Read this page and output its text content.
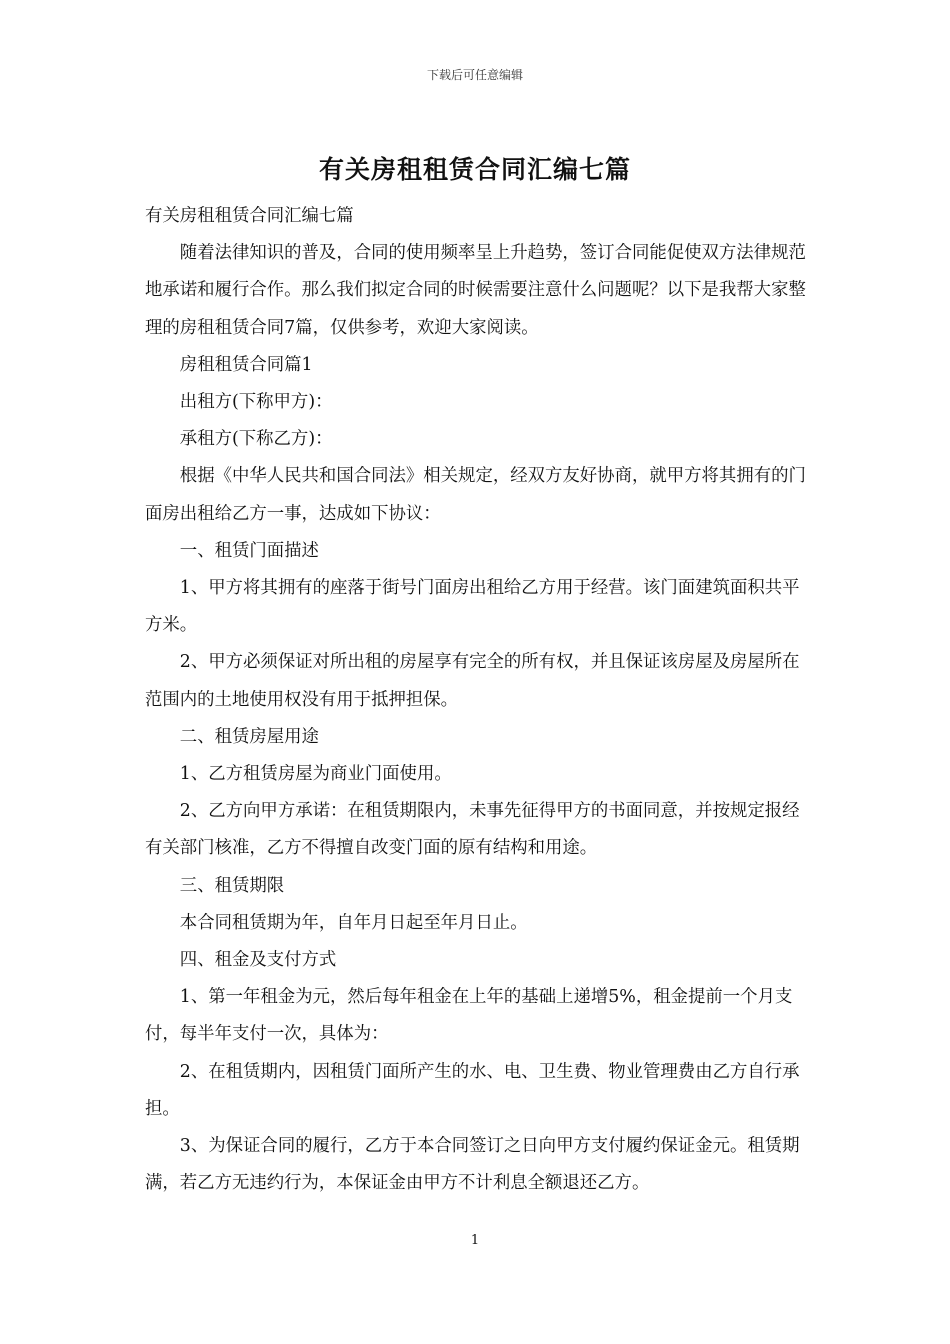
下载后可任意编辑
有关房租租赁合同汇编七篇

有关房租租赁合同汇编七篇

随着法律知识的普及，合同的使用频率呈上升趋势，签订合同能促使双方法律规范地承诺和履行合作。那么我们拟定合同的时候需要注意什么问题呢？以下是我帮大家整理的房租租赁合同7篇，仅供参考，欢迎大家阅读。

房租租赁合同篇1

出租方(下称甲方)：

承租方(下称乙方)：

根据《中华人民共和国合同法》相关规定，经双方友好协商，就甲方将其拥有的门面房出租给乙方一事，达成如下协议：

一、租赁门面描述

1、甲方将其拥有的座落于街号门面房出租给乙方用于经营。该门面建筑面积共平方米。

2、甲方必须保证对所出租的房屋享有完全的所有权，并且保证该房屋及房屋所在范围内的土地使用权没有用于抵押担保。

二、租赁房屋用途

1、乙方租赁房屋为商业门面使用。

2、乙方向甲方承诺：在租赁期限内，未事先征得甲方的书面同意，并按规定报经有关部门核准，乙方不得擅自改变门面的原有结构和用途。

三、租赁期限

本合同租赁期为年，自年月日起至年月日止。

四、租金及支付方式

1、第一年租金为元，然后每年租金在上年的基础上递增5%，租金提前一个月支付，每半年支付一次，具体为：

2、在租赁期内，因租赁门面所产生的水、电、卫生费、物业管理费由乙方自行承担。

3、为保证合同的履行，乙方于本合同签订之日向甲方支付履约保证金元。租赁期满，若乙方无违约行为，本保证金由甲方不计利息全额退还乙方。

1
